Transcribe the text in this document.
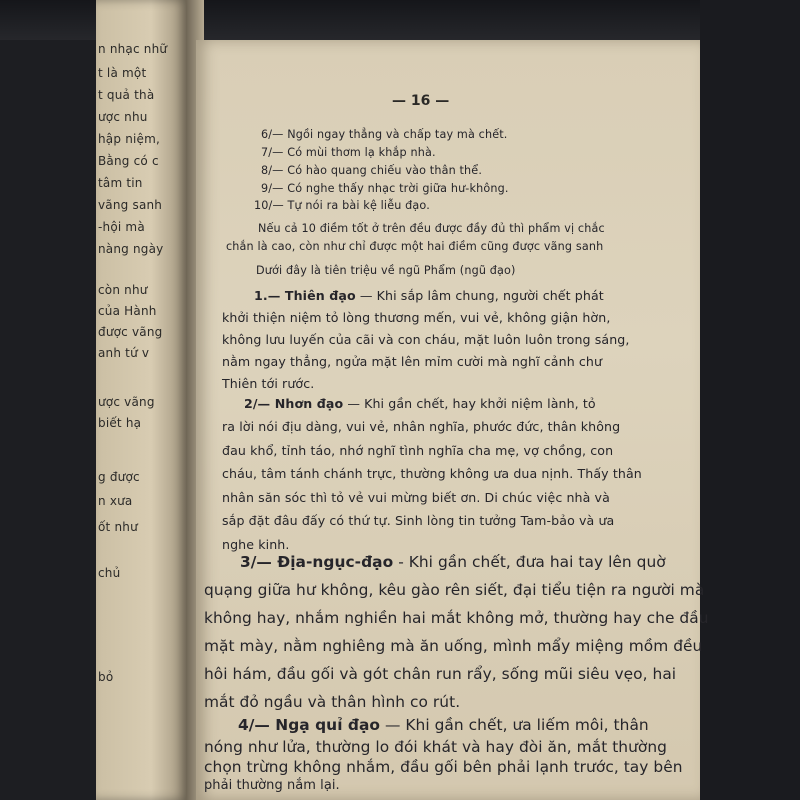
n nhạc nhữ
t là một
t quả thà
ược nhu
hập niệm,
Bằng có c
tâm tin
vãng sanh
-hội mà
nàng ngày
còn như
của Hành
được vãng
anh tứ v
ược vãng
biết hạ
g được
n xưa
ốt như
chủ
bỏ
— 16 —
6/— Ngồi ngay thẳng và chấp tay mà chết.
7/— Có mùi thơm lạ khắp nhà.
8/— Có hào quang chiếu vào thân thể.
9/— Có nghe thấy nhạc trời giữa hư-không.
10/— Tự nói ra bài kệ liễu đạo.
Nếu cả 10 điềm tốt ở trên đều được đầy đủ thì phẩm vị chắc
chắn là cao, còn như chỉ được một hai điềm cũng được vãng sanh
Dưới đây là tiên triệu về ngũ Phẩm (ngũ đạo)
1.— Thiên đạo — Khi sắp lâm chung, người chết phát
khởi thiện niệm tỏ lòng thương mến, vui vẻ, không giận hờn,
không lưu luyến của cãi và con cháu, mặt luôn luôn trong sáng,
nằm ngay thẳng, ngửa mặt lên mỉm cười mà nghĩ cảnh chư
Thiên tới rước.
2/— Nhơn đạo — Khi gần chết, hay khởi niệm lành, tỏ
ra lời nói địu dàng, vui vẻ, nhân nghĩa, phước đức, thân không
đau khổ, tỉnh táo, nhớ nghĩ tình nghĩa cha mẹ, vợ chồng, con
cháu, tâm tánh chánh trực, thường không ưa dua nịnh. Thấy thân
nhân săn sóc thì tỏ vẻ vui mừng biết ơn. Di chúc việc nhà và
sắp đặt đâu đấy có thứ tự. Sinh lòng tin tưởng Tam-bảo và ưa
nghe kinh.
3/— Địa-ngục-đạo - Khi gần chết, đưa hai tay lên quờ
quạng giữa hư không, kêu gào rên siết, đại tiểu tiện ra người mà
không hay, nhắm nghiền hai mắt không mở, thường hay che đầu
mặt mày, nằm nghiêng mà ăn uống, mình mẩy miệng mồm đều
hôi hám, đầu gối và gót chân run rẩy, sống mũi siêu vẹo, hai
mắt đỏ ngầu và thân hình co rút.
4/— Ngạ quỉ đạo — Khi gần chết, ưa liếm môi, thân
nóng như lửa, thường lo đói khát và hay đòi ăn, mắt thường
chọn trừng không nhắm, đầu gối bên phải lạnh trước, tay bên
phải thường nắm lại.
